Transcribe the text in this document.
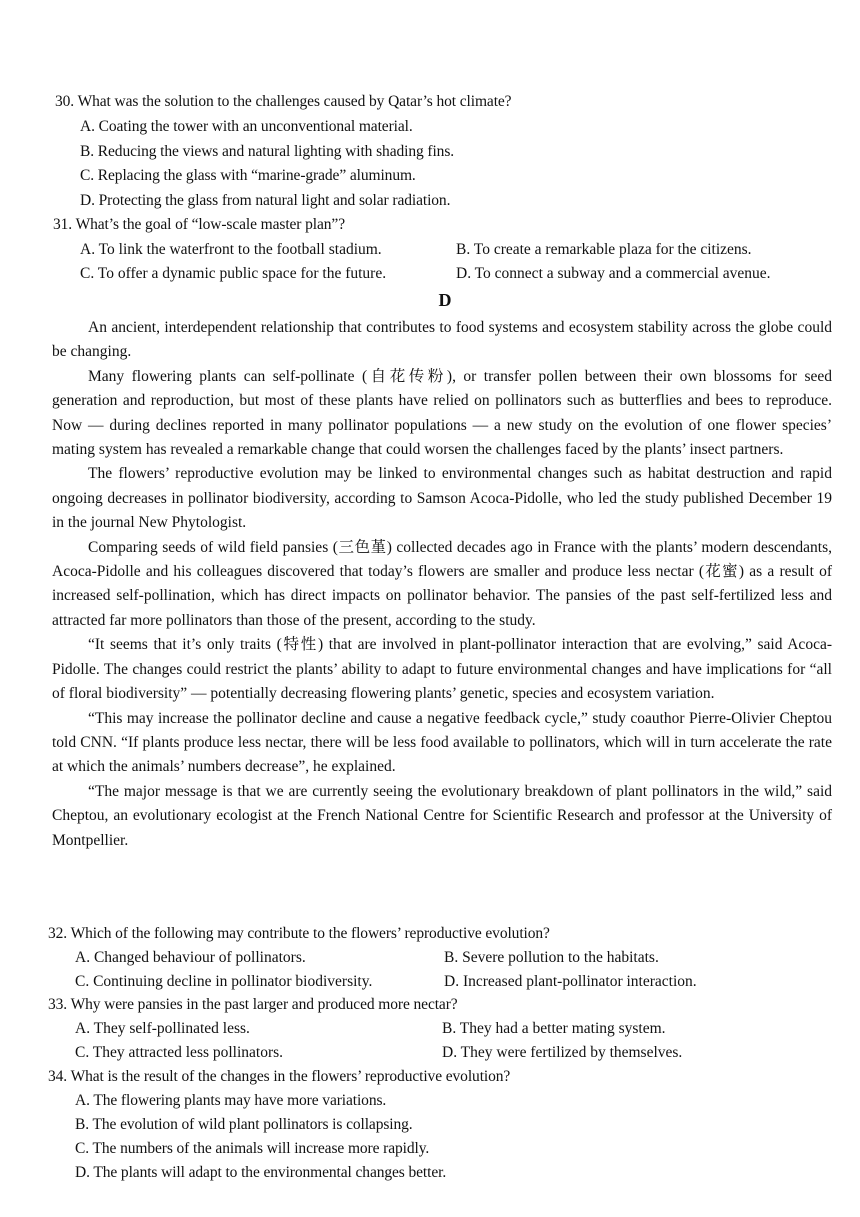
30. What was the solution to the challenges caused by Qatar’s hot climate?
A. Coating the tower with an unconventional material.
B. Reducing the views and natural lighting with shading fins.
C. Replacing the glass with “marine-grade” aluminum.
D. Protecting the glass from natural light and solar radiation.
31. What’s the goal of “low-scale master plan”?
A. To link the waterfront to the football stadium.	B. To create a remarkable plaza for the citizens.
C. To offer a dynamic public space for the future.	D. To connect a subway and a commercial avenue.
D

An ancient, interdependent relationship that contributes to food systems and ecosystem stability across the globe could be changing.

Many flowering plants can self-pollinate (自花传粉), or transfer pollen between their own blossoms for seed generation and reproduction, but most of these plants have relied on pollinators such as butterflies and bees to reproduce. Now — during declines reported in many pollinator populations — a new study on the evolution of one flower species’ mating system has revealed a remarkable change that could worsen the challenges faced by the plants’ insect partners.

The flowers’ reproductive evolution may be linked to environmental changes such as habitat destruction and rapid ongoing decreases in pollinator biodiversity, according to Samson Acoca-Pidolle, who led the study published December 19 in the journal New Phytologist.

Comparing seeds of wild field pansies (三色堇) collected decades ago in France with the plants’ modern descendants, Acoca-Pidolle and his colleagues discovered that today’s flowers are smaller and produce less nectar (花蜜) as a result of increased self-pollination, which has direct impacts on pollinator behavior. The pansies of the past self-fertilized less and attracted far more pollinators than those of the present, according to the study.

“It seems that it’s only traits (特性) that are involved in plant-pollinator interaction that are evolving,” said Acoca-Pidolle. The changes could restrict the plants’ ability to adapt to future environmental changes and have implications for “all of floral biodiversity” — potentially decreasing flowering plants’ genetic, species and ecosystem variation.

“This may increase the pollinator decline and cause a negative feedback cycle,” study coauthor Pierre-Olivier Cheptou told CNN. “If plants produce less nectar, there will be less food available to pollinators, which will in turn accelerate the rate at which the animals’ numbers decrease”, he explained.

“The major message is that we are currently seeing the evolutionary breakdown of plant pollinators in the wild,” said Cheptou, an evolutionary ecologist at the French National Centre for Scientific Research and professor at the University of Montpellier.

32. Which of the following may contribute to the flowers’ reproductive evolution?
A. Changed behaviour of pollinators.	B. Severe pollution to the habitats.
C. Continuing decline in pollinator biodiversity.	D. Increased plant-pollinator interaction.
33. Why were pansies in the past larger and produced more nectar?
A. They self-pollinated less.	B. They had a better mating system.
C. They attracted less pollinators.	D. They were fertilized by themselves.
34. What is the result of the changes in the flowers’ reproductive evolution?
A. The flowering plants may have more variations.
B. The evolution of wild plant pollinators is collapsing.
C. The numbers of the animals will increase more rapidly.
D. The plants will adapt to the environmental changes better.
